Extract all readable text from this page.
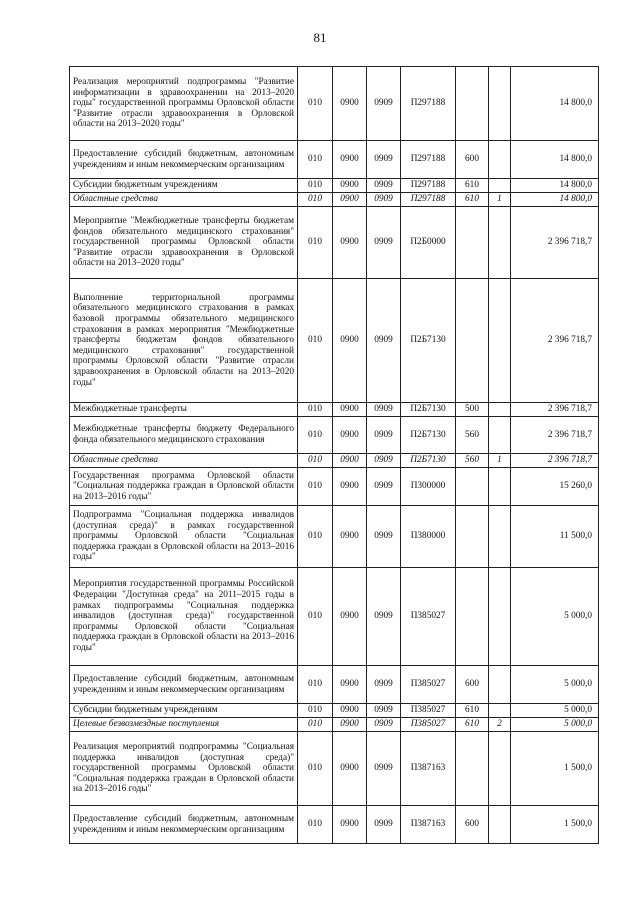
81
Реализация мероприятий подпрограммы "Развитие информатизации в здравоохранении на 2013–2020 годы" государственной программы Орловской области "Развитие отрасли здравоохранения в Орловской области на 2013–2020 годы"	010	0900	0909	П297188			14 800,0
Предоставление субсидий бюджетным, автономным учреждениям и иным некоммерческим организациям	010	0900	0909	П297188	600		14 800,0
Субсидии бюджетным учреждениям	010	0900	0909	П297188	610		14 800,0
Областные средства	010	0900	0909	П297188	610	1	14 800,0
Мероприятие "Межбюджетные трансферты бюджетам фондов обязательного медицинского страхования" государственной программы Орловской области "Развитие отрасли здравоохранения в Орловской области на 2013–2020 годы"	010	0900	0909	П2Б0000			2 396 718,7
Выполнение территориальной программы обязательного медицинского страхования в рамках базовой программы обязательного медицинского страхования в рамках мероприятия "Межбюджетные трансферты бюджетам фондов обязательного медицинского страхования" государственной программы Орловской области "Развитие отрасли здравоохранения в Орловской области на 2013–2020 годы"	010	0900	0909	П2Б7130			2 396 718,7
Межбюджетные трансферты	010	0900	0909	П2Б7130	500		2 396 718,7
Межбюджетные трансферты бюджету Федерального фонда обязательного медицинского страхования	010	0900	0909	П2Б7130	560		2 396 718,7
Областные средства	010	0900	0909	П2Б7130	560	1	2 396 718,7
Государственная программа Орловской области "Социальная поддержка граждан в Орловской области на 2013–2016 годы"	010	0900	0909	П300000			15 260,0
Подпрограмма "Социальная поддержка инвалидов (доступная среда)" в рамках государственной программы Орловской области "Социальная поддержка граждан в Орловской области на 2013–2016 годы"	010	0900	0909	П380000			11 500,0
Мероприятия государственной программы Российской Федерации "Доступная среда" на 2011–2015 годы в рамках подпрограммы "Социальная поддержка инвалидов (доступная среда)" государственной программы Орловской области "Социальная поддержка граждан в Орловской области на 2013–2016 годы"	010	0900	0909	П385027			5 000,0
Предоставление субсидий бюджетным, автономным учреждениям и иным некоммерческим организациям	010	0900	0909	П385027	600		5 000,0
Субсидии бюджетным учреждениям	010	0900	0909	П385027	610		5 000,0
Целевые безвозмездные поступления	010	0900	0909	П385027	610	2	5 000,0
Реализация мероприятий подпрограммы "Социальная поддержка инвалидов (доступная среда)" государственной программы Орловской области "Социальная поддержка граждан в Орловской области на 2013–2016 годы"	010	0900	0909	П387163			1 500,0
Предоставление субсидий бюджетным, автономным учреждениям и иным некоммерческим организациям	010	0900	0909	П387163	600		1 500,0
